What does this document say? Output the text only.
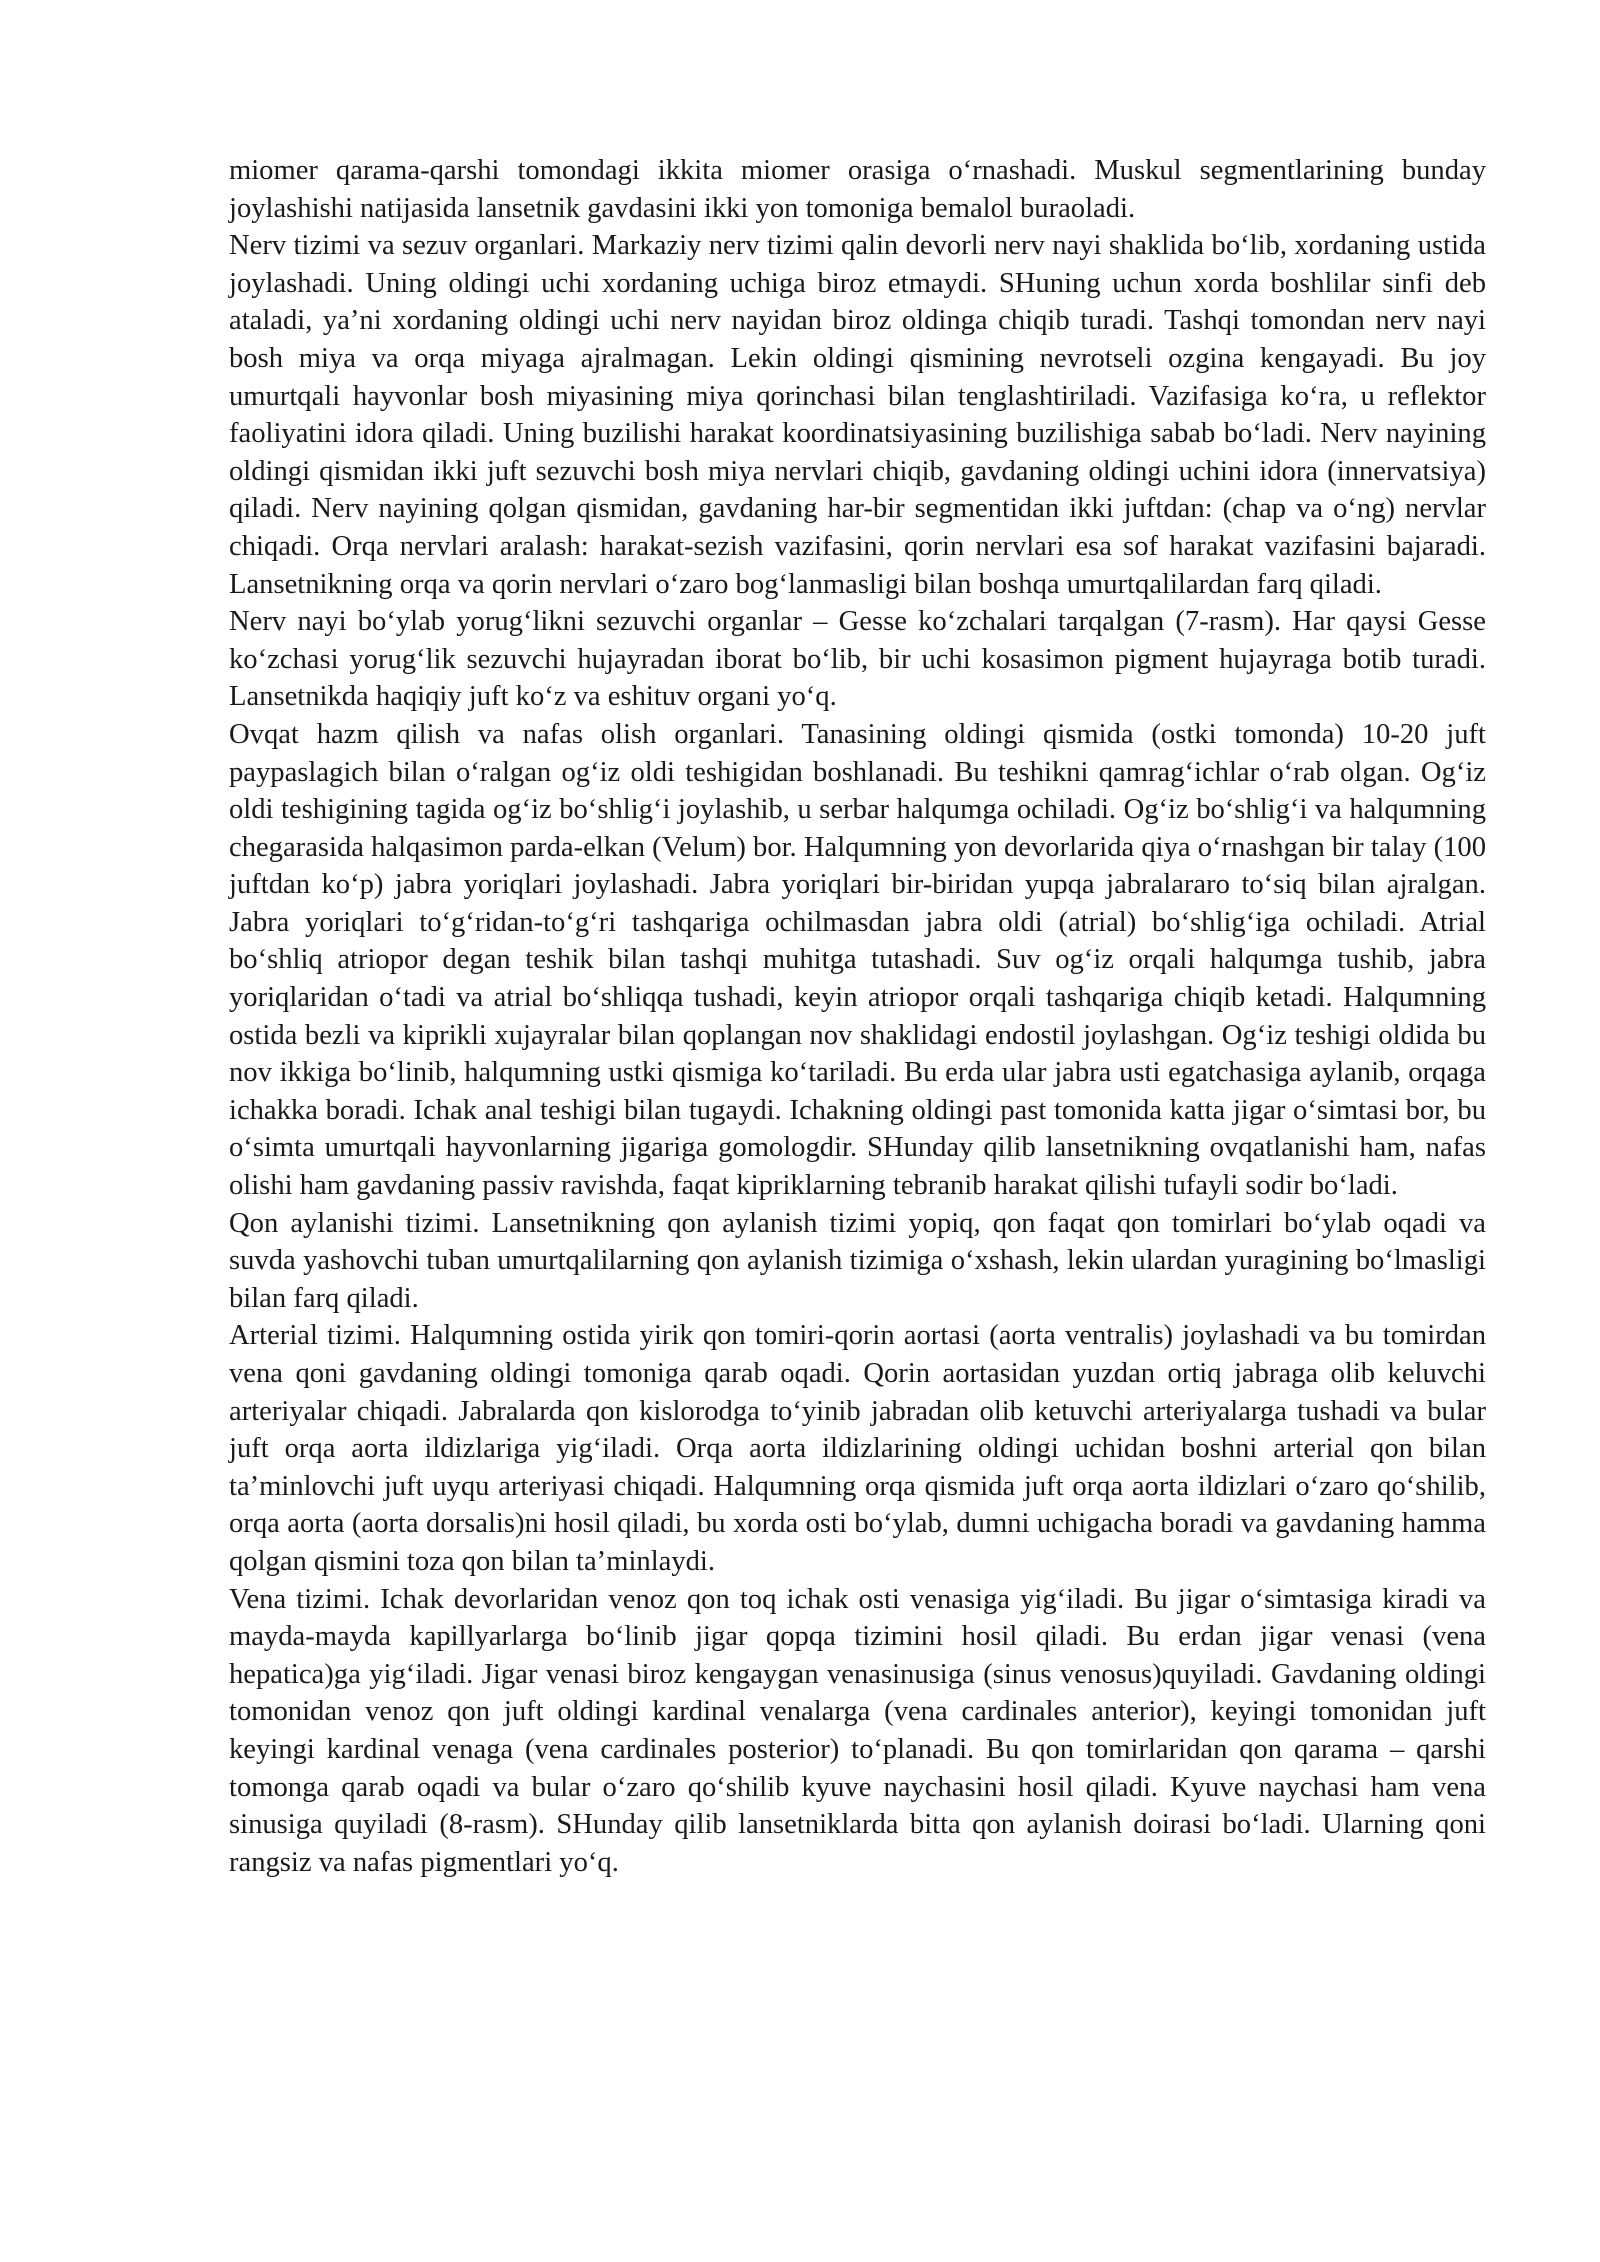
miomer qarama-qarshi tomondagi ikkita miomer orasiga o‘rnashadi. Muskul segmentlarining bunday joylashishi natijasida lansetnik gavdasini ikki yon tomoniga bemalol buraoladi.

Nerv tizimi va sezuv organlari. Markaziy nerv tizimi qalin devorli nerv nayi shaklida bo‘lib, xordaning ustida joylashadi. Uning oldingi uchi xordaning uchiga biroz etmaydi. SHuning uchun xorda boshlilar sinfi deb ataladi, ya’ni xordaning oldingi uchi nerv nayidan biroz oldinga chiqib turadi. Tashqi tomondan nerv nayi bosh miya va orqa miyaga ajralmagan. Lekin oldingi qismining nevrotseli ozgina kengayadi. Bu joy umurtqali hayvonlar bosh miyasining miya qorinchasi bilan tenglashtiriladi. Vazifasiga ko‘ra, u reflektor faoliyatini idora qiladi. Uning buzilishi harakat koordinatsiyasining buzilishiga sabab bo‘ladi. Nerv nayining oldingi qismidan ikki juft sezuvchi bosh miya nervlari chiqib, gavdaning oldingi uchini idora (innervatsiya) qiladi. Nerv nayining qolgan qismidan, gavdaning har-bir segmentidan ikki juftdan: (chap va o‘ng) nervlar chiqadi. Orqa nervlari aralash: harakat-sezish vazifasini, qorin nervlari esa sof harakat vazifasini bajaradi. Lansetnikning orqa va qorin nervlari o‘zaro bog‘lanmasligi bilan boshqa umurtqalilardan farq qiladi.

Nerv nayi bo‘ylab yorug‘likni sezuvchi organlar – Gesse ko‘zchalari tarqalgan (7-rasm). Har qaysi Gesse ko‘zchasi yorug‘lik sezuvchi hujayradan iborat bo‘lib, bir uchi kosasimon pigment hujayraga botib turadi. Lansetnikda haqiqiy juft ko‘z va eshituv organi yo‘q.

Ovqat hazm qilish va nafas olish organlari. Tanasining oldingi qismida (ostki tomonda) 10-20 juft paypaslagich bilan o‘ralgan og‘iz oldi teshigidan boshlanadi. Bu teshikni qamrag‘ichlar o‘rab olgan. Og‘iz oldi teshigining tagida og‘iz bo‘shlig‘i joylashib, u serbar halqumga ochiladi. Og‘iz bo‘shlig‘i va halqumning chegarasida halqasimon parda-elkan (Velum) bor. Halqumning yon devorlarida qiya o‘rnashgan bir talay (100 juftdan ko‘p) jabra yoriqlari joylashadi. Jabra yoriqlari bir-biridan yupqa jabralararo to‘siq bilan ajralgan. Jabra yoriqlari to‘g‘ridan-to‘g‘ri tashqariga ochilmasdan jabra oldi (atrial) bo‘shlig‘iga ochiladi. Atrial bo‘shliq atriopor degan teshik bilan tashqi muhitga tutashadi. Suv og‘iz orqali halqumga tushib, jabra yoriqlaridan o‘tadi va atrial bo‘shliqqa tushadi, keyin atriopor orqali tashqariga chiqib ketadi. Halqumning ostida bezli va kiprikli xujayralar bilan qoplangan nov shaklidagi endostil joylashgan. Og‘iz teshigi oldida bu nov ikkiga bo‘linib, halqumning ustki qismiga ko‘tariladi. Bu erda ular jabra usti egatchasiga aylanib, orqaga ichakka boradi. Ichak anal teshigi bilan tugaydi. Ichakning oldingi past tomonida katta jigar o‘simtasi bor, bu o‘simta umurtqali hayvonlarning jigariga gomologdir. SHunday qilib lansetnikning ovqatlanishi ham, nafas olishi ham gavdaning passiv ravishda, faqat kipriklarning tebranib harakat qilishi tufayli sodir bo‘ladi.

Qon aylanishi tizimi. Lansetnikning qon aylanish tizimi yopiq, qon faqat qon tomirlari bo‘ylab oqadi va suvda yashovchi tuban umurtqalilarning qon aylanish tizimiga o‘xshash, lekin ulardan yuragining bo‘lmasligi bilan farq qiladi.

Arterial tizimi. Halqumning ostida yirik qon tomiri-qorin aortasi (aorta ventralis) joylashadi va bu tomirdan vena qoni gavdaning oldingi tomoniga qarab oqadi. Qorin aortasidan yuzdan ortiq jabraga olib keluvchi arteriyalar chiqadi. Jabralarda qon kislorodga to‘yinib jabradan olib ketuvchi arteriyalarga tushadi va bular juft orqa aorta ildizlariga yig‘iladi. Orqa aorta ildizlarining oldingi uchidan boshni arterial qon bilan ta’minlovchi juft uyqu arteriyasi chiqadi. Halqumning orqa qismida juft orqa aorta ildizlari o‘zaro qo‘shilib, orqa aorta (aorta dorsalis)ni hosil qiladi, bu xorda osti bo‘ylab, dumni uchigacha boradi va gavdaning hamma qolgan qismini toza qon bilan ta’minlaydi.

Vena tizimi. Ichak devorlaridan venoz qon toq ichak osti venasiga yig‘iladi. Bu jigar o‘simtasiga kiradi va mayda-mayda kapillyarlarga bo‘linib jigar qopqa tizimini hosil qiladi. Bu erdan jigar venasi (vena hepatica)ga yig‘iladi. Jigar venasi biroz kengaygan venasinusiga (sinus venosus)quyiladi. Gavdaning oldingi tomonidan venoz qon juft oldingi kardinal venalarga (vena cardinales anterior), keyingi tomonidan juft keyingi kardinal venaga (vena cardinales posterior) to‘planadi. Bu qon tomirlaridan qon qarama – qarshi tomonga qarab oqadi va bular o‘zaro qo‘shilib kyuve naychasini hosil qiladi. Kyuve naychasi ham vena sinusiga quyiladi (8-rasm). SHunday qilib lansetniklarda bitta qon aylanish doirasi bo‘ladi. Ularning qoni rangsiz va nafas pigmentlari yo‘q.
